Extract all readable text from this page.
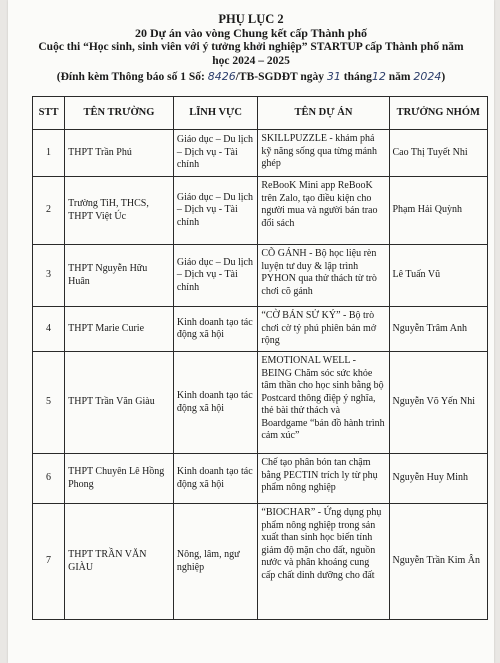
PHỤ LỤC 2
20 Dự án vào vòng Chung kết cấp Thành phố
Cuộc thi “Học sinh, sinh viên với ý tưởng khởi nghiệp” STARTUP cấp Thành phố năm học 2024 – 2025
(Đính kèm Thông báo số 1 Số: 8426/TB-SGDĐT ngày 31 tháng12 năm 2024)
STT	TÊN TRƯỜNG	LĨNH VỰC	TÊN DỰ ÁN	TRƯỞNG NHÓM
1	THPT Trần Phú	Giáo dục – Du lịch – Dịch vụ - Tài chính	SKILLPUZZLE - khám phá kỹ năng sống qua từng mảnh ghép	Cao Thị Tuyết Nhi
2	Trường TiH, THCS, THPT Việt Úc	Giáo dục – Du lịch – Dịch vụ - Tài chính	ReBooK Mini app ReBooK trên Zalo, tạo điều kiện cho người mua và người bán trao đổi sách	Phạm Hải Quỳnh
3	THPT Nguyễn Hữu Huân	Giáo dục – Du lịch – Dịch vụ - Tài chính	CÕ GÁNH - Bộ học liệu rèn luyện tư duy & lập trình PYHON qua thử thách từ trò chơi cõ gánh	Lê Tuấn Vũ
4	THPT Marie Curie	Kinh doanh tạo tác động xã hội	“CỜ BÁN SỬ KÝ” - Bộ trò chơi cờ tỷ phú phiên bản mở rộng	Nguyễn Trâm Anh
5	THPT Trần Văn Giàu	Kinh doanh tạo tác động xã hội	EMOTIONAL WELL - BEING Chăm sóc sức khỏe tâm thần cho học sinh bằng bộ Postcard thông điệp ý nghĩa, thẻ bài thử thách và Boardgame “bản đồ hành trình cảm xúc”	Nguyễn Võ Yến Nhi
6	THPT Chuyên Lê Hồng Phong	Kinh doanh tạo tác động xã hội	Chế tạo phân bón tan chậm bằng PECTIN trích ly từ phụ phẩm nông nghiệp	Nguyễn Huy Minh
7	THPT TRẦN VĂN GIÀU	Nông, lâm, ngư nghiệp	“BIOCHAR” - Ứng dụng phụ phẩm nông nghiệp trong sản xuất than sinh học biến tính giảm độ mặn cho đất, nguồn nước và phân khoáng cung cấp chất dinh dưỡng cho đất	Nguyễn Trần Kim Ân
